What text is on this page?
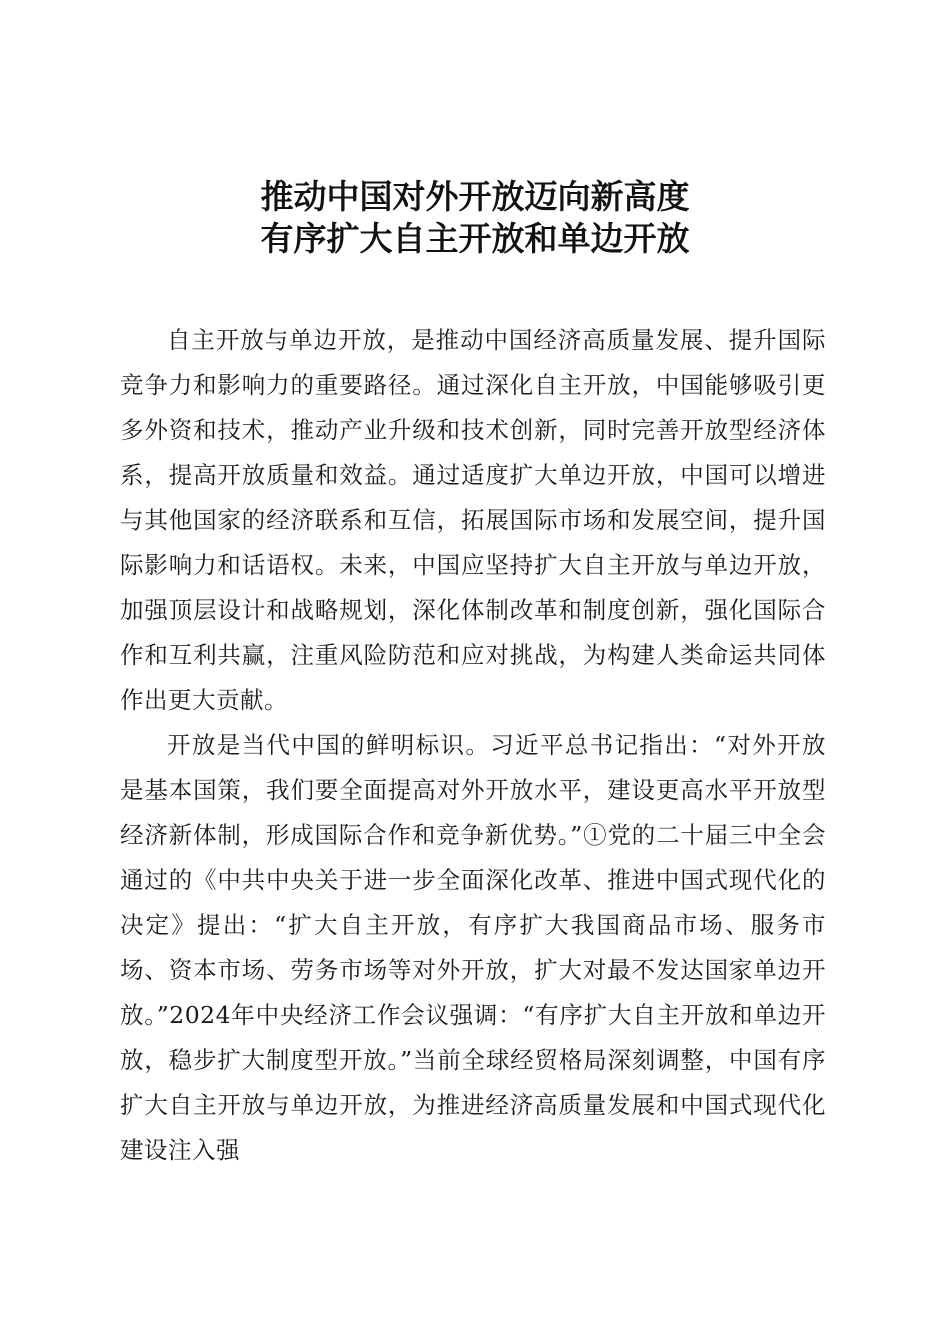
推动中国对外开放迈向新高度
有序扩大自主开放和单边开放

自主开放与单边开放，是推动中国经济高质量发展、提升国际竞争力和影响力的重要路径。通过深化自主开放，中国能够吸引更多外资和技术，推动产业升级和技术创新，同时完善开放型经济体系，提高开放质量和效益。通过适度扩大单边开放，中国可以增进与其他国家的经济联系和互信，拓展国际市场和发展空间，提升国际影响力和话语权。未来，中国应坚持扩大自主开放与单边开放，加强顶层设计和战略规划，深化体制改革和制度创新，强化国际合作和互利共赢，注重风险防范和应对挑战，为构建人类命运共同体作出更大贡献。

开放是当代中国的鲜明标识。习近平总书记指出：“对外开放是基本国策，我们要全面提高对外开放水平，建设更高水平开放型经济新体制，形成国际合作和竞争新优势。”①党的二十届三中全会通过的《中共中央关于进一步全面深化改革、推进中国式现代化的决定》提出：“扩大自主开放，有序扩大我国商品市场、服务市场、资本市场、劳务市场等对外开放，扩大对最不发达国家单边开放。”2024年中央经济工作会议强调：“有序扩大自主开放和单边开放，稳步扩大制度型开放。”当前全球经贸格局深刻调整，中国有序扩大自主开放与单边开放，为推进经济高质量发展和中国式现代化建设注入强
